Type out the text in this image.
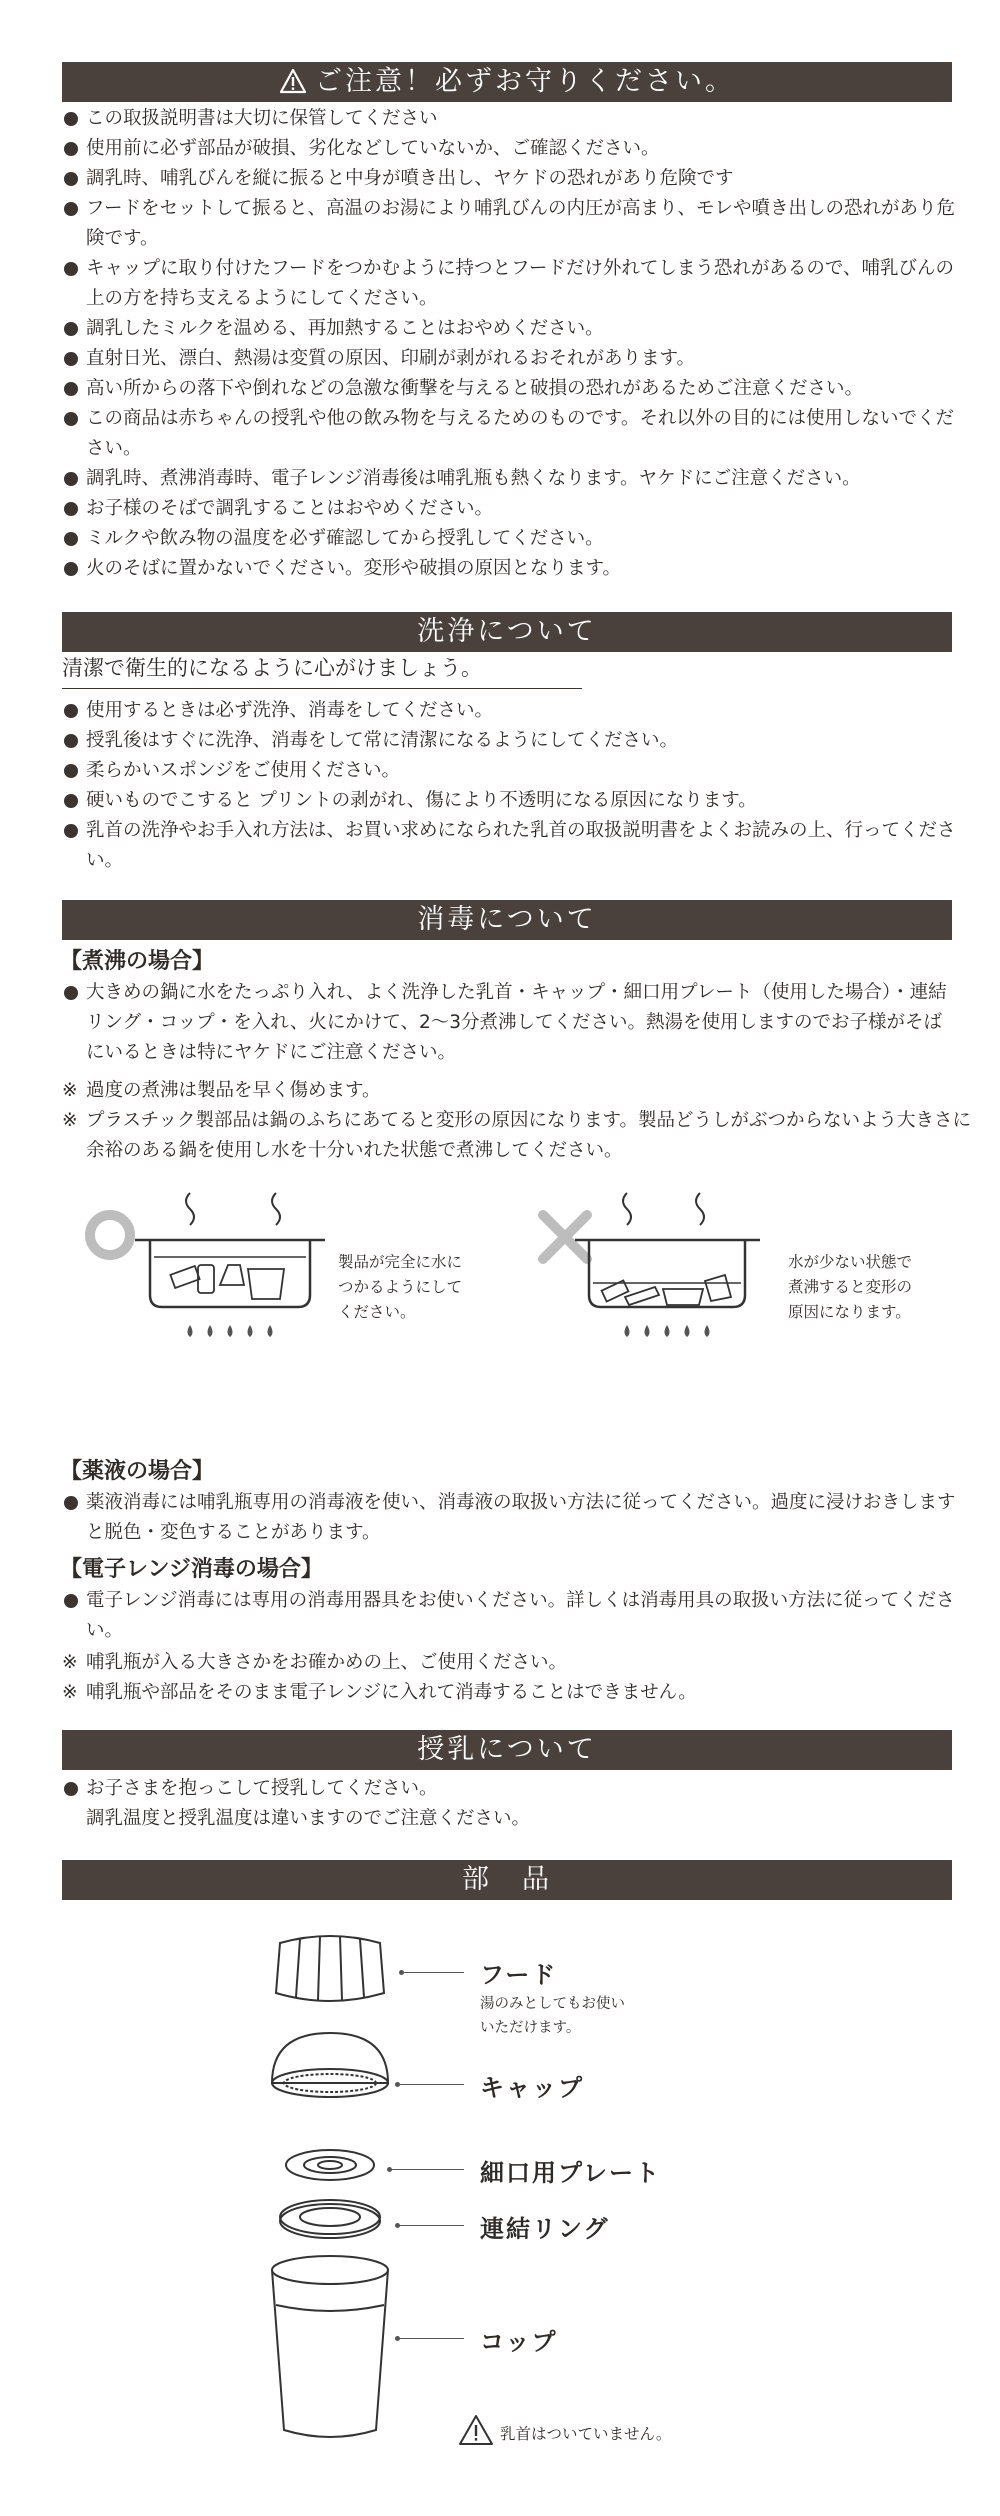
ご注意！必ずお守りください。
この取扱説明書は大切に保管してください
使用前に必ず部品が破損、劣化などしていないか、ご確認ください。
調乳時、哺乳びんを縦に振ると中身が噴き出し、ヤケドの恐れがあり危険です
フードをセットして振ると、高温のお湯により哺乳びんの内圧が高まり、モレや噴き出しの恐れがあり危険です。
キャップに取り付けたフードをつかむように持つとフードだけ外れてしまう恐れがあるので、哺乳びんの上の方を持ち支えるようにしてください。
調乳したミルクを温める、再加熱することはおやめください。
直射日光、漂白、熱湯は変質の原因、印刷が剥がれるおそれがあります。
高い所からの落下や倒れなどの急激な衝撃を与えると破損の恐れがあるためご注意ください。
この商品は赤ちゃんの授乳や他の飲み物を与えるためのものです。それ以外の目的には使用しないでください。
調乳時、煮沸消毒時、電子レンジ消毒後は哺乳瓶も熱くなります。ヤケドにご注意ください。
お子様のそばで調乳することはおやめください。
ミルクや飲み物の温度を必ず確認してから授乳してください。
火のそばに置かないでください。変形や破損の原因となります。
洗浄について
清潔で衛生的になるように心がけましょう。
使用するときは必ず洗浄、消毒をしてください。
授乳後はすぐに洗浄、消毒をして常に清潔になるようにしてください。
柔らかいスポンジをご使用ください。
硬いものでこすると プリントの剥がれ、傷により不透明になる原因になります。
乳首の洗浄やお手入れ方法は、お買い求めになられた乳首の取扱説明書をよくお読みの上、行ってください。
消毒について
【煮沸の場合】
大きめの鍋に水をたっぷり入れ、よく洗浄した乳首・キャップ・細口用プレート（使用した場合）・連結リング・コップ・を入れ、火にかけて、2〜3分煮沸してください。熱湯を使用しますのでお子様がそばにいるときは特にヤケドにご注意ください。
※ 過度の煮沸は製品を早く傷めます。
※ プラスチック製部品は鍋のふちにあてると変形の原因になります。製品どうしがぶつからないよう大きさに余裕のある鍋を使用し水を十分いれた状態で煮沸してください。
製品が完全に水に
つかるようにして
ください。
水が少ない状態で
煮沸すると変形の
原因になります。
【薬液の場合】
薬液消毒には哺乳瓶専用の消毒液を使い、消毒液の取扱い方法に従ってください。過度に浸けおきしますと脱色・変色することがあります。
【電子レンジ消毒の場合】
電子レンジ消毒には専用の消毒用器具をお使いください。詳しくは消毒用具の取扱い方法に従ってください。
※ 哺乳瓶が入る大きさかをお確かめの上、ご使用ください。
※ 哺乳瓶や部品をそのまま電子レンジに入れて消毒することはできません。
授乳について
お子さまを抱っこして授乳してください。
調乳温度と授乳温度は違いますのでご注意ください。
部　品
フード
湯のみとしてもお使い
いただけます。
キャップ
細口用プレート
連結リング
コップ
乳首はついていません。
